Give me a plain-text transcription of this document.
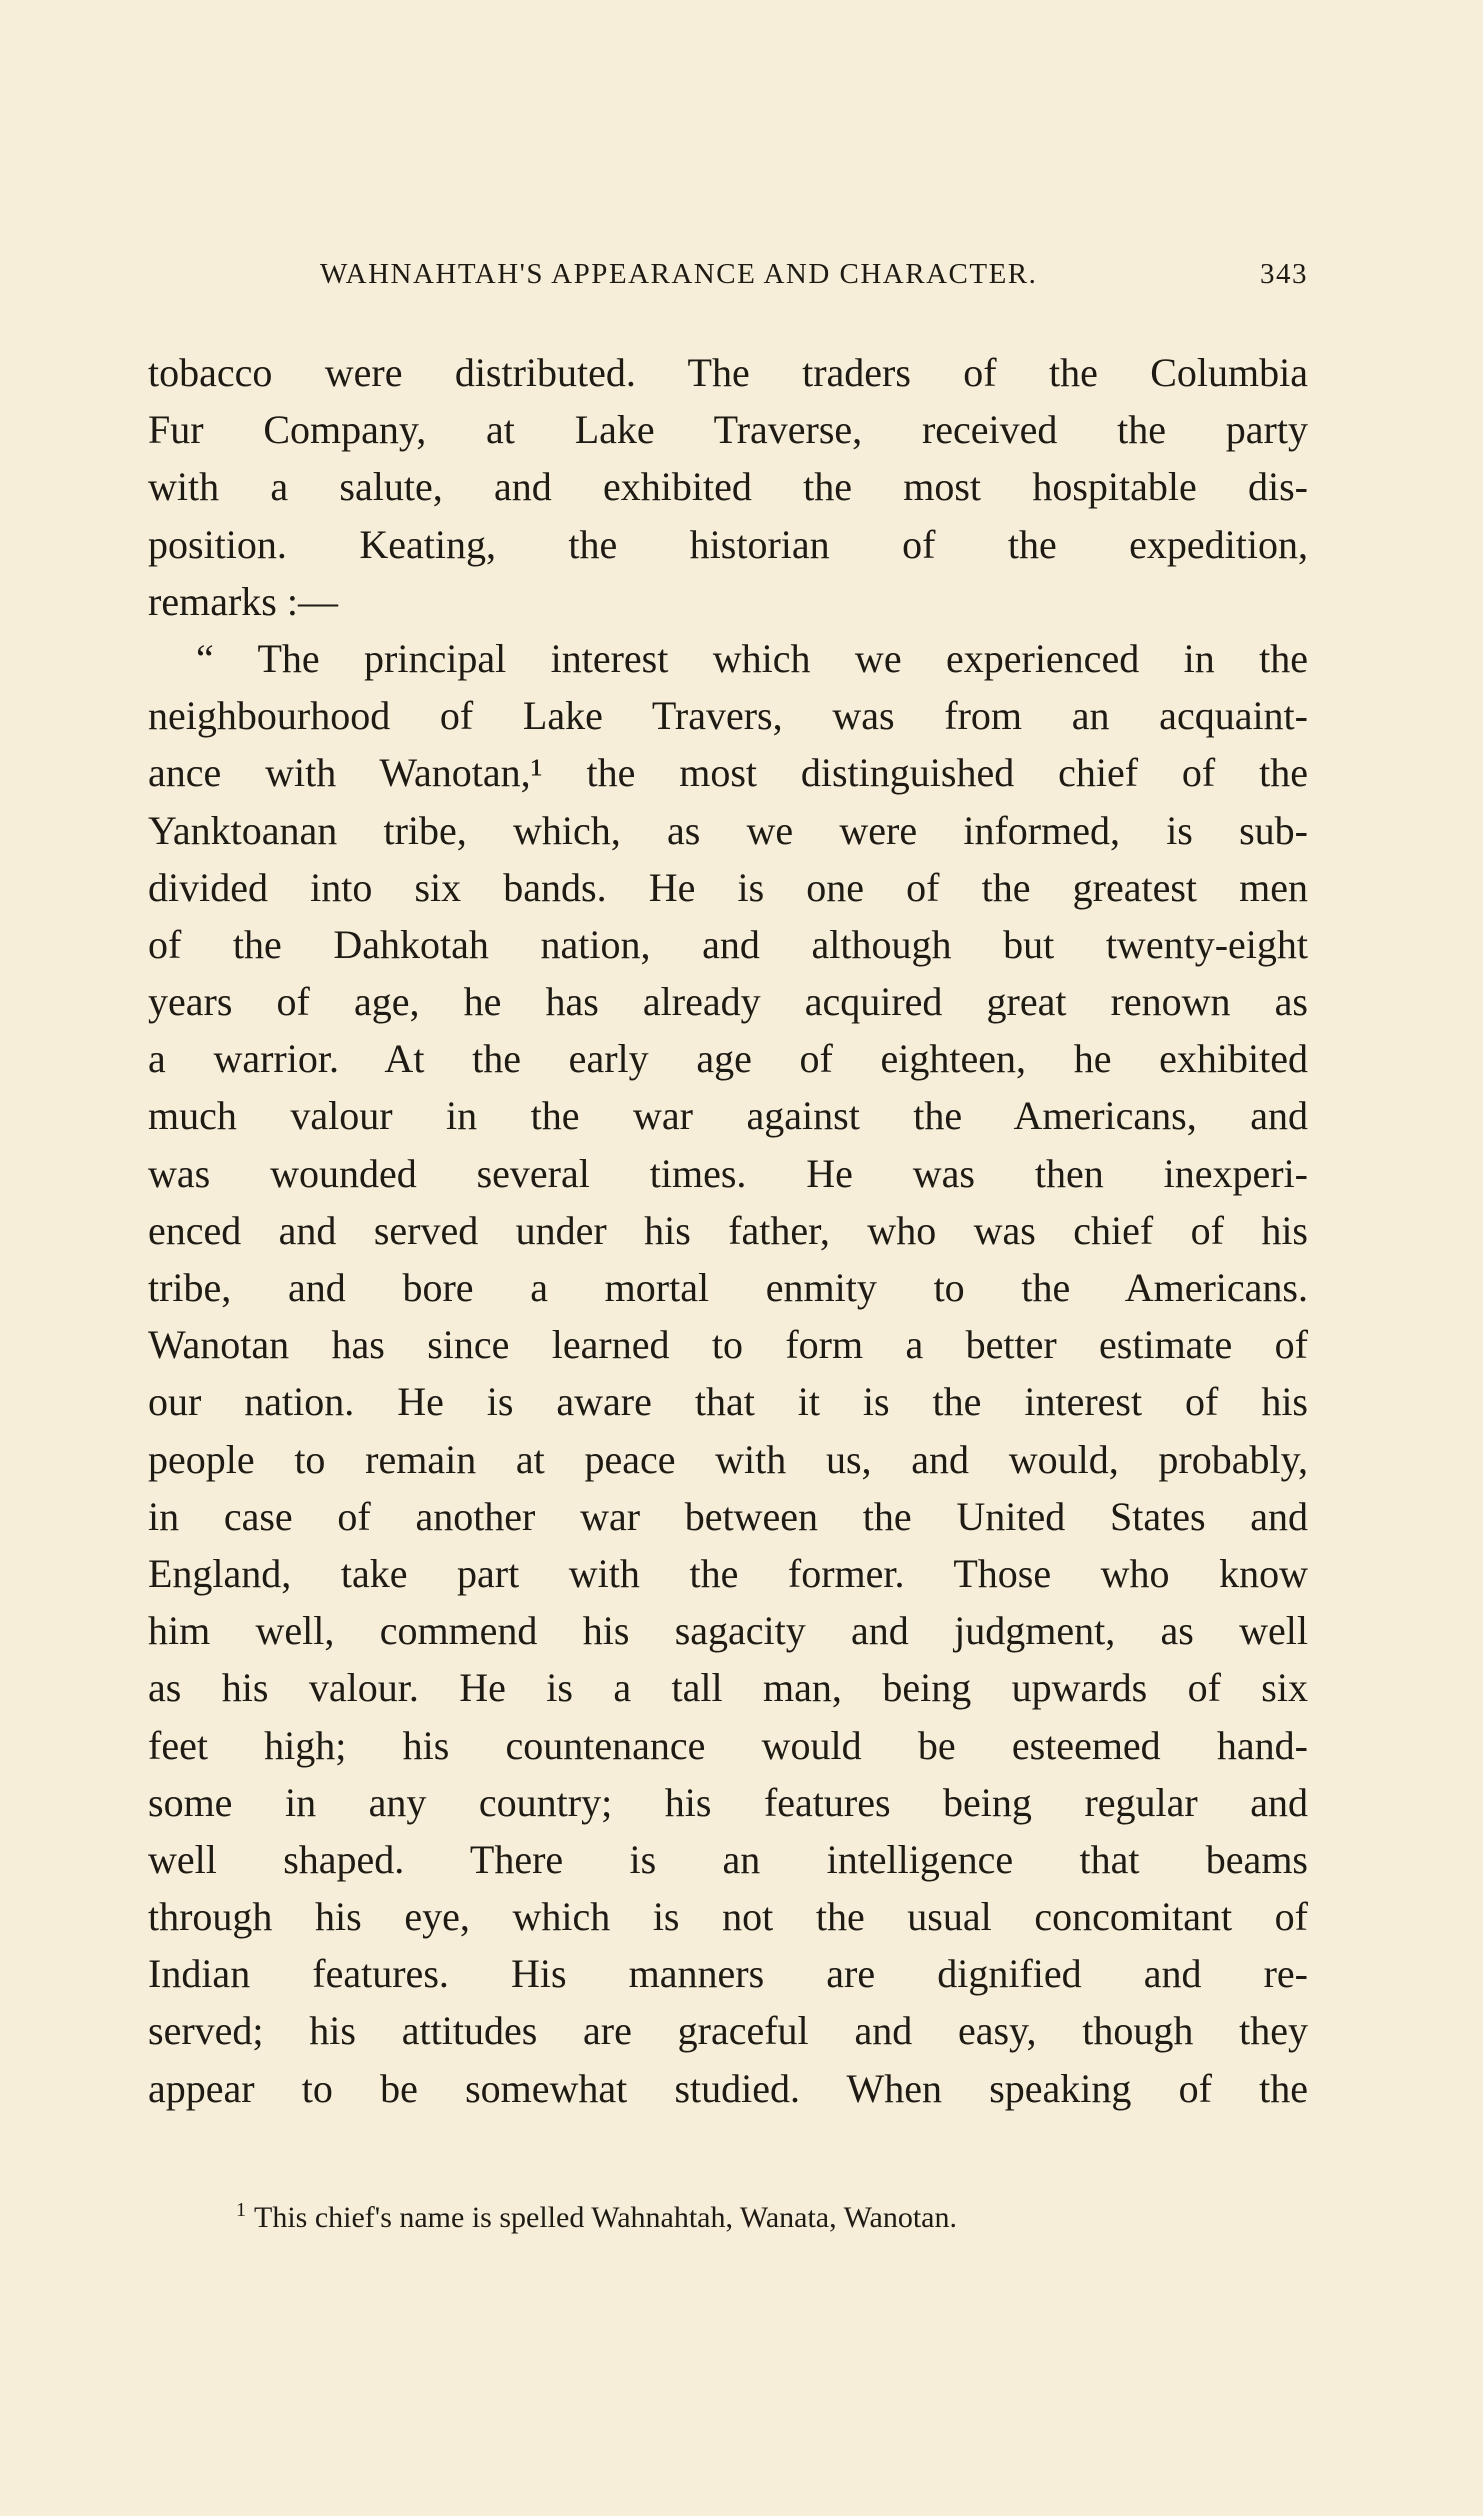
WAHNAHTAH'S APPEARANCE AND CHARACTER.	343
tobacco were distributed. The traders of the Columbia
Fur Company, at Lake Traverse, received the party
with a salute, and exhibited the most hospitable dis-
position. Keating, the historian of the expedition,
remarks :—
“ The principal interest which we experienced in the
neighbourhood of Lake Travers, was from an acquaint-
ance with Wanotan,¹ the most distinguished chief of the
Yanktoanan tribe, which, as we were informed, is sub-
divided into six bands. He is one of the greatest men
of the Dahkotah nation, and although but twenty-eight
years of age, he has already acquired great renown as
a warrior. At the early age of eighteen, he exhibited
much valour in the war against the Americans, and
was wounded several times. He was then inexperi-
enced and served under his father, who was chief of his
tribe, and bore a mortal enmity to the Americans.
Wanotan has since learned to form a better estimate of
our nation. He is aware that it is the interest of his
people to remain at peace with us, and would, probably,
in case of another war between the United States and
England, take part with the former. Those who know
him well, commend his sagacity and judgment, as well
as his valour. He is a tall man, being upwards of six
feet high; his countenance would be esteemed hand-
some in any country; his features being regular and
well shaped. There is an intelligence that beams
through his eye, which is not the usual concomitant of
Indian features. His manners are dignified and re-
served; his attitudes are graceful and easy, though they
appear to be somewhat studied. When speaking of the
$^1$ This chief's name is spelled Wahnahtah, Wanata, Wanotan.
